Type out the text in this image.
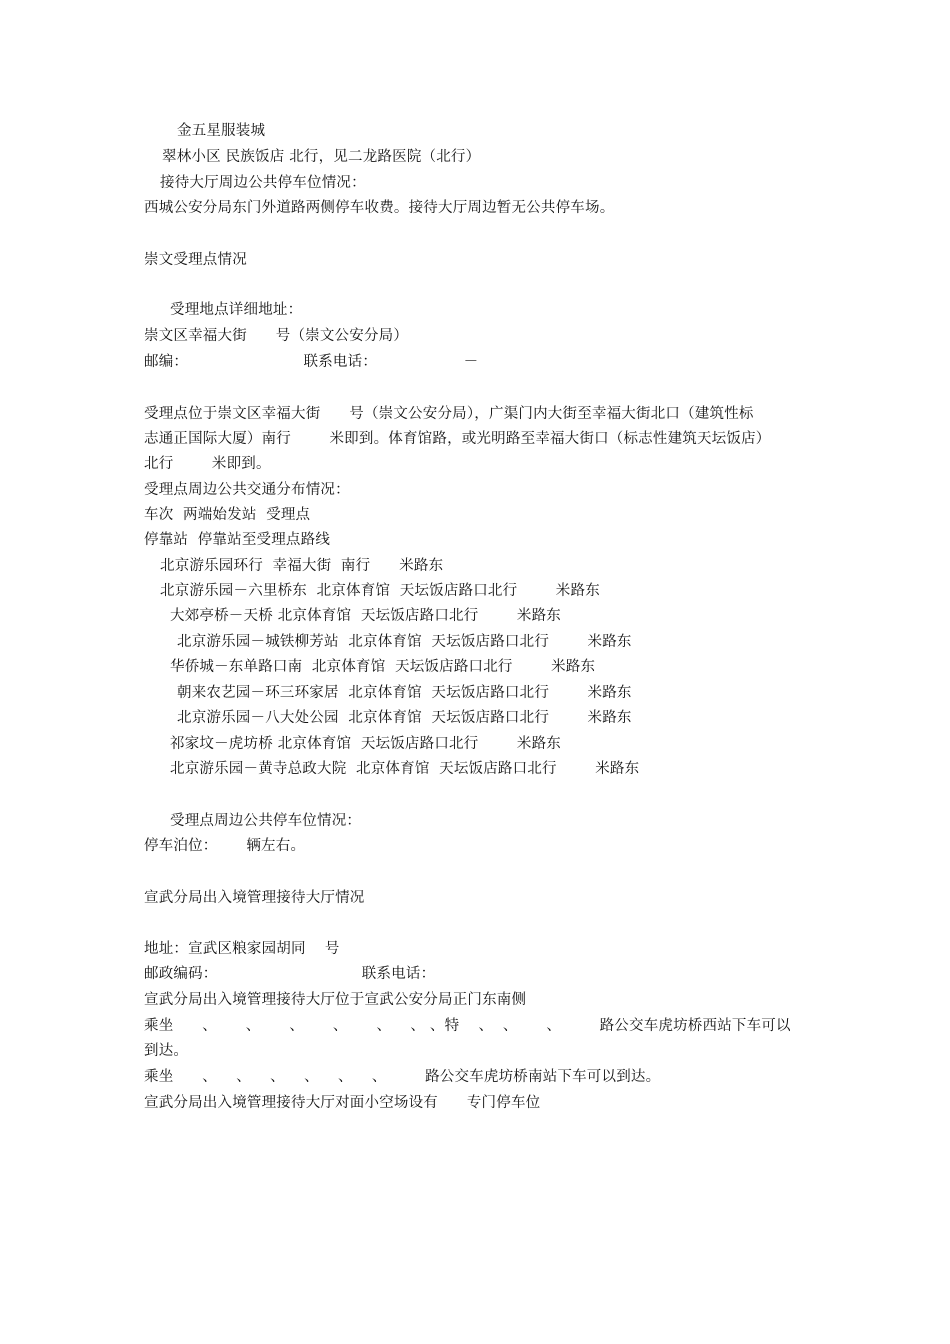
金五星服装城
翠林小区 民族饭店 北行，见二龙路医院（北行）
接待大厅周边公共停车位情况：
西城公安分局东门外道路两侧停车收费。接待大厅周边暂无公共停车场。
崇文受理点情况
受理地点详细地址：
崇文区幸福大街      号（崇文公安分局）
邮编：                        联系电话：                  －
受理点位于崇文区幸福大街      号（崇文公安分局），广渠门内大街至幸福大街北口（建筑性标
志通正国际大厦）南行        米即到。体育馆路，或光明路至幸福大街口（标志性建筑天坛饭店）
北行        米即到。
受理点周边公共交通分布情况：
车次  两端始发站  受理点
停靠站  停靠站至受理点路线
北京游乐园环行  幸福大街  南行      米路东
北京游乐园－六里桥东  北京体育馆  天坛饭店路口北行        米路东
大郊亭桥－天桥 北京体育馆  天坛饭店路口北行        米路东
北京游乐园－城铁柳芳站  北京体育馆  天坛饭店路口北行        米路东
华侨城－东单路口南  北京体育馆  天坛饭店路口北行        米路东
朝来农艺园－环三环家居  北京体育馆  天坛饭店路口北行        米路东
北京游乐园－八大处公园  北京体育馆  天坛饭店路口北行        米路东
祁家坟－虎坊桥 北京体育馆  天坛饭店路口北行        米路东
北京游乐园－黄寺总政大院  北京体育馆  天坛饭店路口北行        米路东
受理点周边公共停车位情况：
停车泊位：      辆左右。
宣武分局出入境管理接待大厅情况
地址：宣武区粮家园胡同    号
邮政编码：                              联系电话：
宣武分局出入境管理接待大厅位于宣武公安分局正门东南侧
乘坐      、      、      、      、      、    、 、特    、  、      、        路公交车虎坊桥西站下车可以
到达。
乘坐      、    、    、    、    、    、        路公交车虎坊桥南站下车可以到达。
宣武分局出入境管理接待大厅对面小空场设有      专门停车位
